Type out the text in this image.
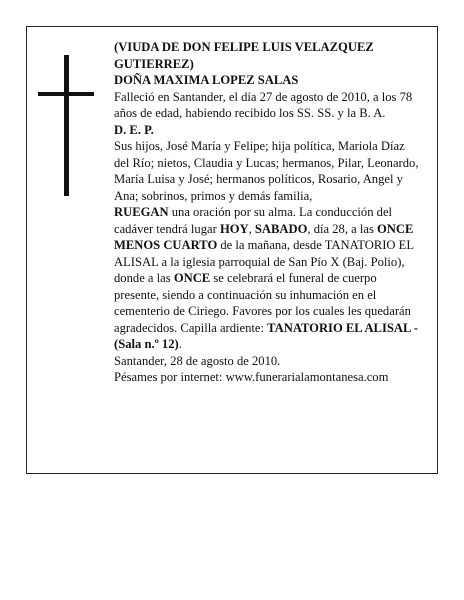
(VIUDA DE DON FELIPE LUIS VELAZQUEZ GUTIERREZ)

DOÑA MAXIMA LOPEZ SALAS

Falleció en Santander, el día 27 de agosto de 2010, a los 78 años de edad, habiendo recibido los SS. SS. y la B. A.

D. E. P.

Sus hijos, José María y Felipe; hija política, Mariola Díaz del Río; nietos, Claudia y Lucas; hermanos, Pilar, Leonardo, María Luisa y José; hermanos políticos, Rosario, Angel y Ana; sobrinos, primos y demás familia,

RUEGAN una oración por su alma. La conducción del cadáver tendrá lugar HOY, SABADO, día 28, a las ONCE MENOS CUARTO de la mañana, desde TANATORIO EL ALISAL a la iglesia parroquial de San Pío X (Baj. Polio), donde a las ONCE se celebrará el funeral de cuerpo presente, siendo a continuación su inhumación en el cementerio de Ciriego. Favores por los cuales les quedarán agradecidos. Capilla ardiente: TANATORIO EL ALISAL - (Sala n.º 12).

Santander, 28 de agosto de 2010.

Pésames por internet: www.funerarialamontanesa.com
